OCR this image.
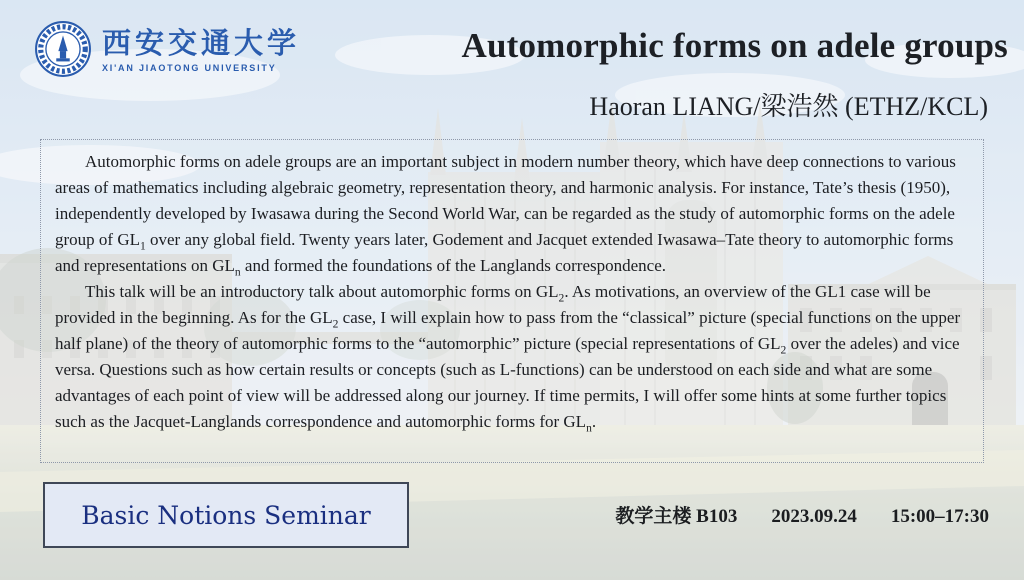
西安交通大学
XI'AN JIAOTONG UNIVERSITY
Automorphic forms on adele groups
Haoran LIANG/梁浩然 (ETHZ/KCL)

Automorphic forms on adele groups are an important subject in modern number theory, which have deep connections to various areas of mathematics including algebraic geometry, representation theory, and harmonic analysis. For instance, Tate’s thesis (1950), independently developed by Iwasawa during the Second World War, can be regarded as the study of automorphic forms on the adele group of $GL_1$ over any global field. Twenty years later, Godement and Jacquet extended Iwasawa–Tate theory to automorphic forms and representations on $GL_n$ and formed the foundations of the Langlands correspondence.

This talk will be an introductory talk about automorphic forms on $GL_2$. As motivations, an overview of the GL1 case will be provided in the beginning. As for the $GL_2$ case, I will explain how to pass from the “classical” picture (special functions on the upper half plane) of the theory of automorphic forms to the “automorphic” picture (special representations of $GL_2$ over the adeles) and vice versa. Questions such as how certain results or concepts (such as L-functions) can be understood on each side and what are some advantages of each point of view will be addressed along our journey. If time permits, I will offer some hints at some further topics such as the Jacquet-Langlands correspondence and automorphic forms for $GL_n$.

Basic Notions Seminar	教学主楼 B103 2023.09.24 15:00–17:30
